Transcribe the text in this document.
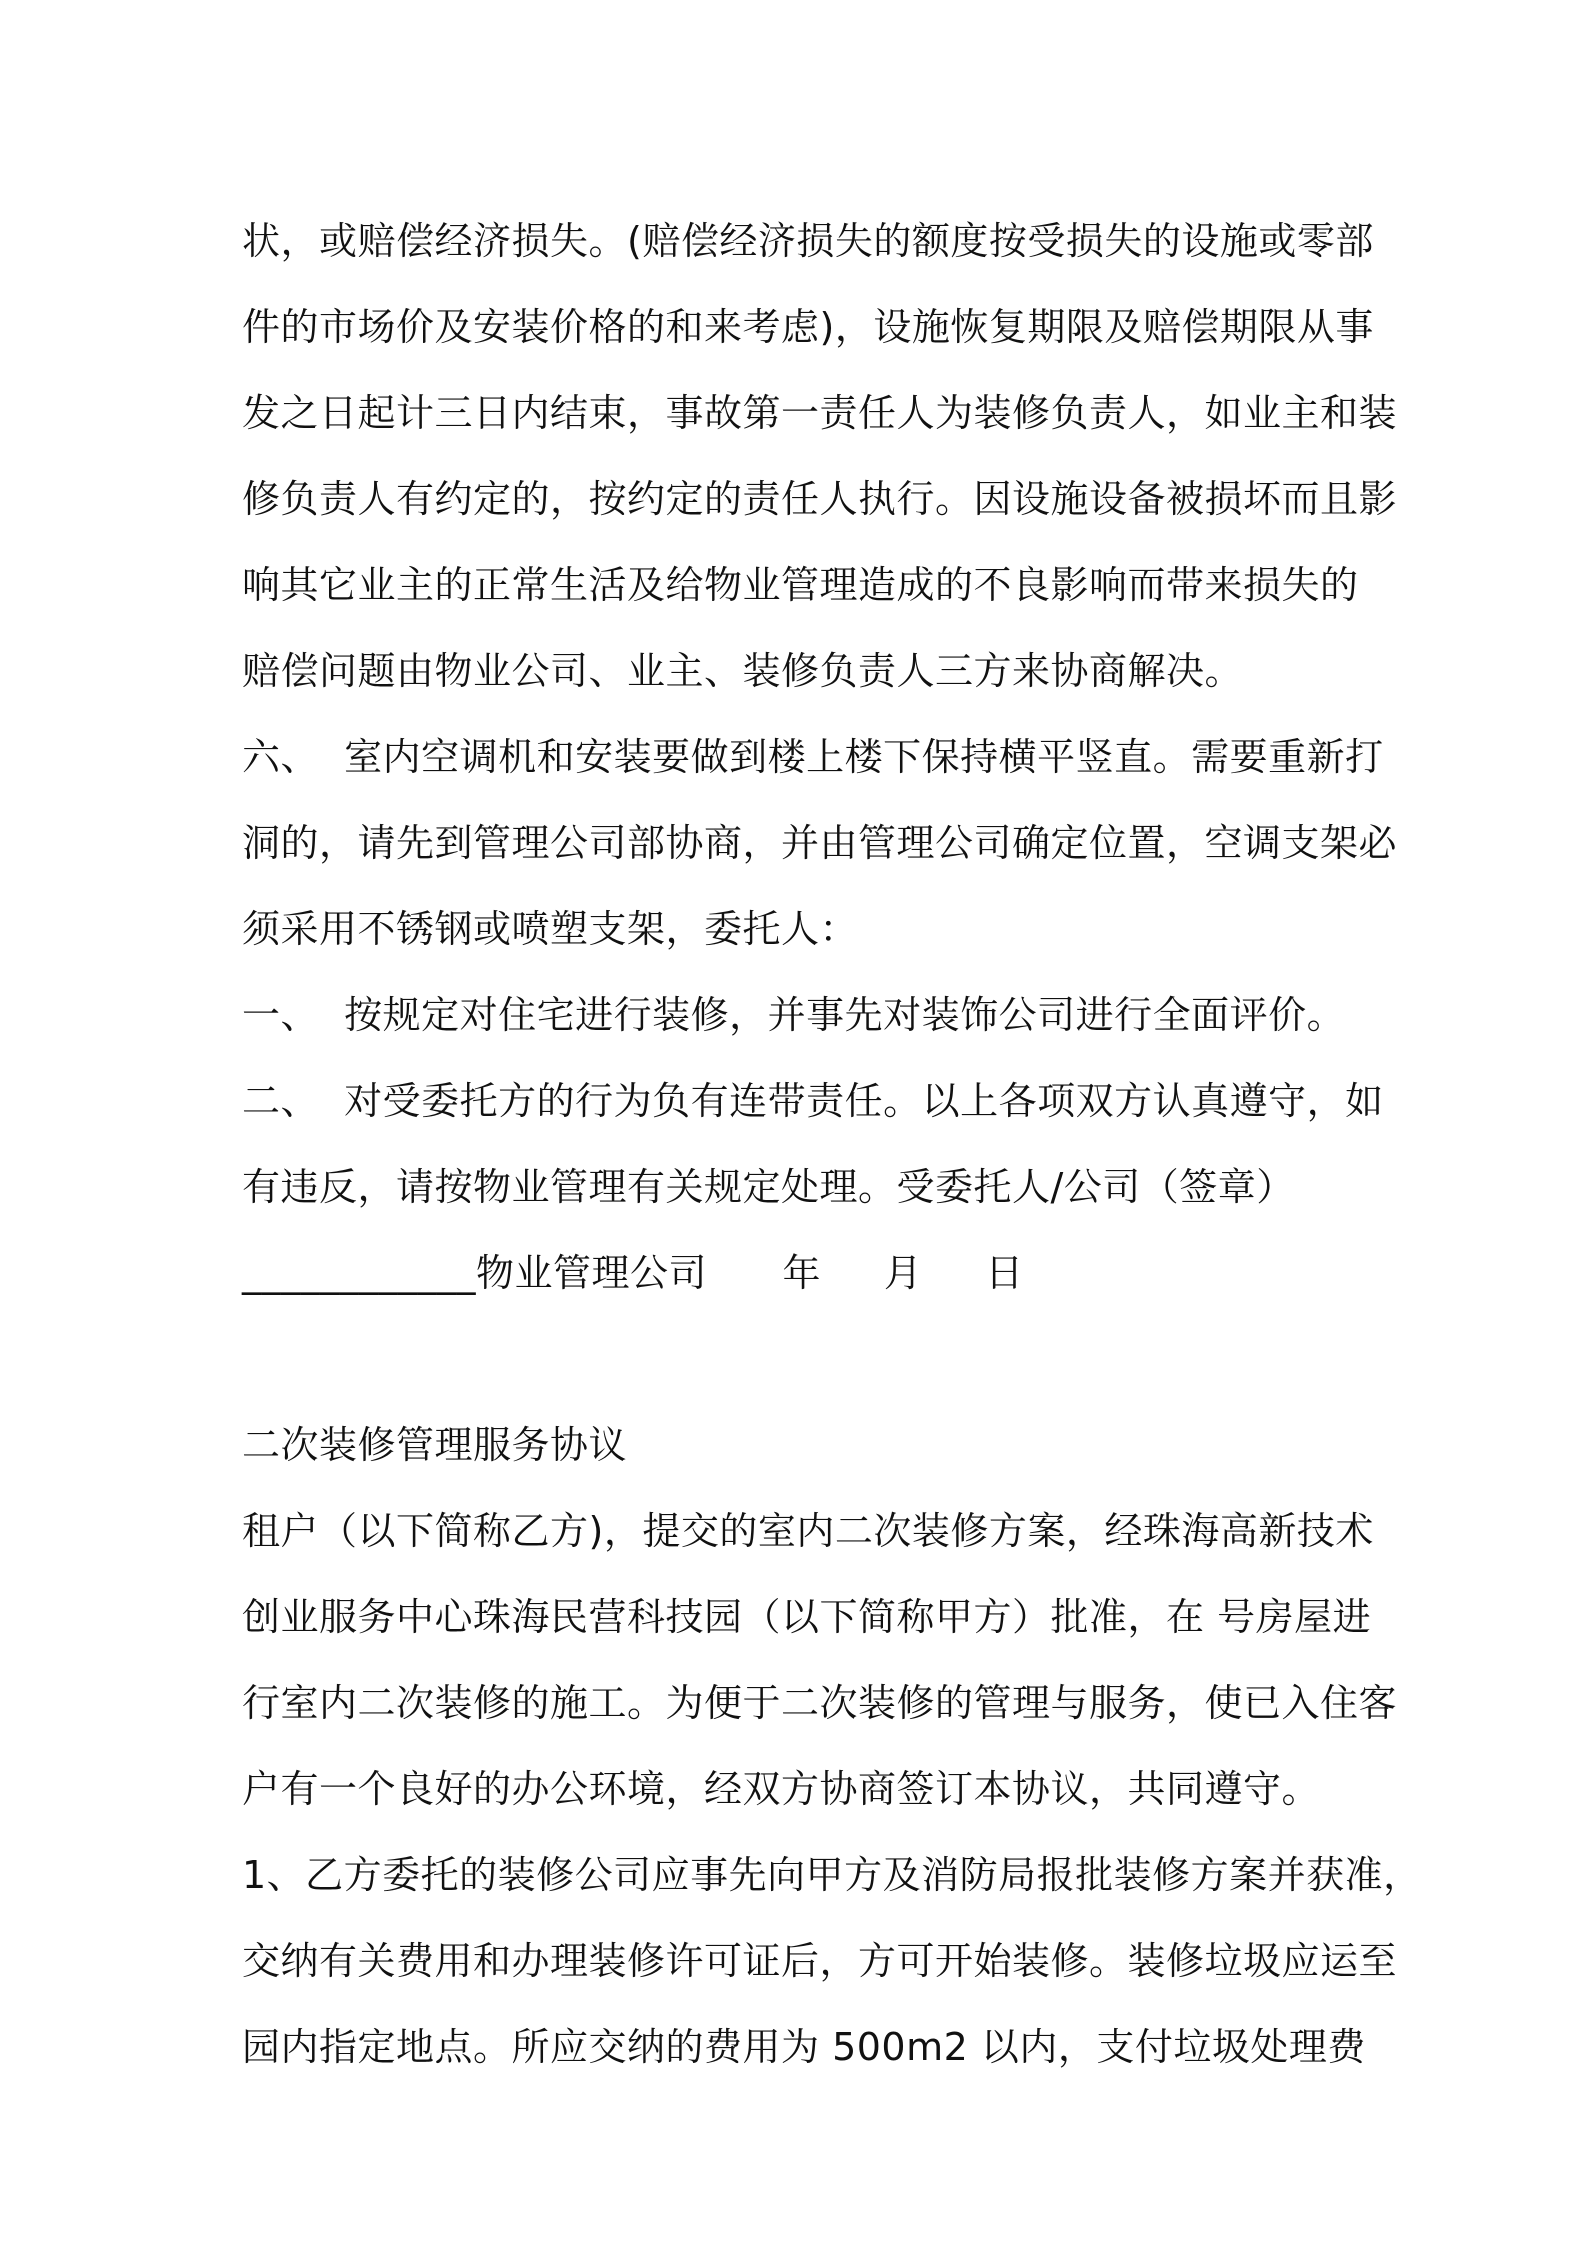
状，或赔偿经济损失。(赔偿经济损失的额度按受损失的设施或零部
件的市场价及安装价格的和来考虑)，设施恢复期限及赔偿期限从事
发之日起计三日内结束，事故第一责任人为装修负责人，如业主和装
修负责人有约定的，按约定的责任人执行。因设施设备被损坏而且影
响其它业主的正常生活及给物业管理造成的不良影响而带来损失的
赔偿问题由物业公司、业主、装修负责人三方来协商解决。
六、  室内空调机和安装要做到楼上楼下保持横平竖直。需要重新打
洞的，请先到管理公司部协商，并由管理公司确定位置，空调支架必
须采用不锈钢或喷塑支架，委托人：
一、  按规定对住宅进行装修，并事先对装饰公司进行全面评价。
二、  对受委托方的行为负有连带责任。以上各项双方认真遵守，如
有违反，请按物业管理有关规定处理。受委托人/公司（签章）
____________物业管理公司      年     月     日
二次装修管理服务协议
租户（以下简称乙方)，提交的室内二次装修方案，经珠海高新技术
创业服务中心珠海民营科技园（以下简称甲方）批准，在 号房屋进
行室内二次装修的施工。为便于二次装修的管理与服务，使已入住客
户有一个良好的办公环境，经双方协商签订本协议，共同遵守。
1、乙方委托的装修公司应事先向甲方及消防局报批装修方案并获准，
交纳有关费用和办理装修许可证后，方可开始装修。装修垃圾应运至
园内指定地点。所应交纳的费用为 500m2 以内，支付垃圾处理费
